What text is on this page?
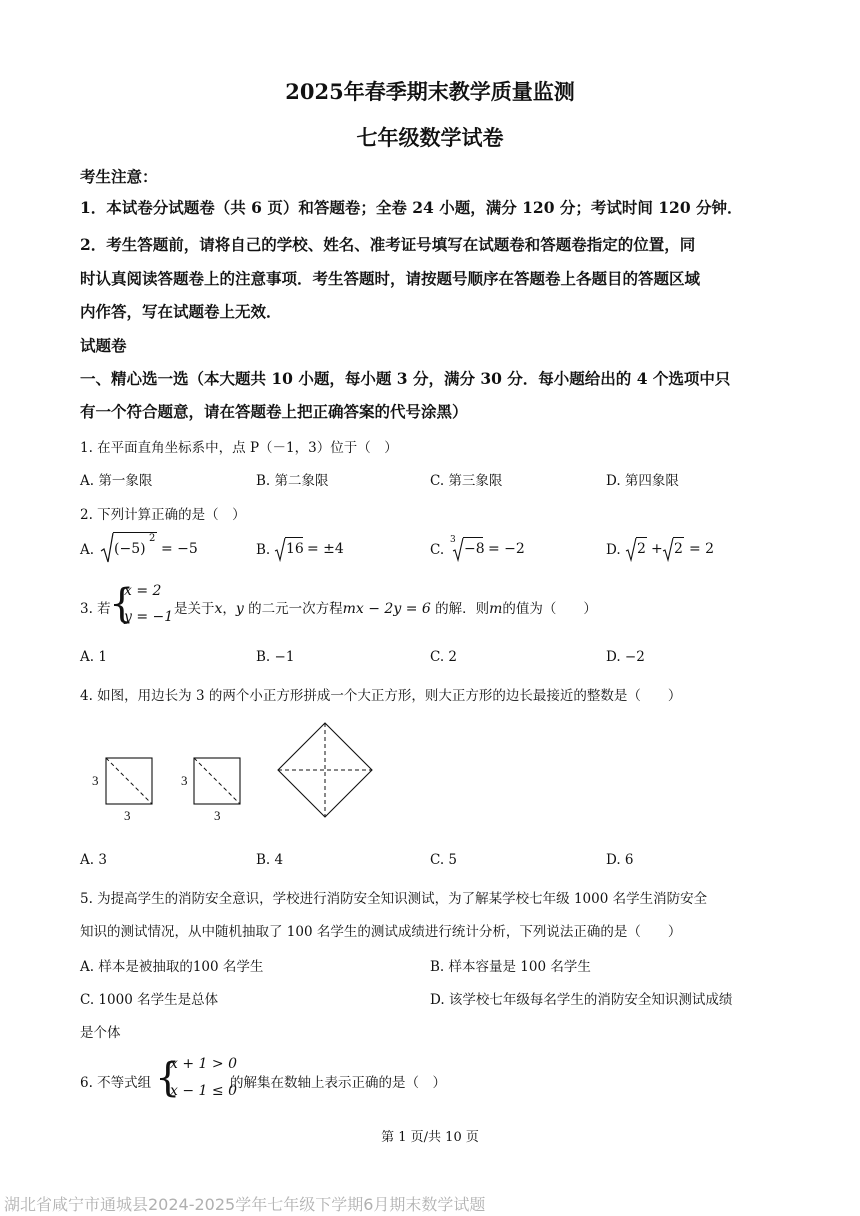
2025年春季期末教学质量监测
七年级数学试卷
考生注意：
1．本试卷分试题卷（共 6 页）和答题卷；全卷 24 小题，满分 120 分；考试时间 120 分钟．
2．考生答题前，请将自己的学校、姓名、准考证号填写在试题卷和答题卷指定的位置，同
时认真阅读答题卷上的注意事项．考生答题时，请按题号顺序在答题卷上各题目的答题区域
内作答，写在试题卷上无效．
试题卷
一、精心选一选（本大题共 10 小题，每小题 3 分，满分 30 分．每小题给出的 4 个选项中只
有一个符合题意，请在答题卷上把正确答案的代号涂黑）
1. 在平面直角坐标系中，点 P（－1，3）位于（　）
A. 第一象限	B. 第二象限	C. 第三象限	D. 第四象限
2. 下列计算正确的是（　）
A. (−5)
2
= −5	B. 16 = ±4	C.
3
−8 = −2	D. 2 + 2 = 2
3. 若
{
x = 2
y = −1 是关于x，y 的二元一次方程mx − 2y = 6 的解．则m的值为（　　）
A. 1	B. −1	C. 2	D. −2
4. 如图，用边长为 3 的两个小正方形拼成一个大正方形，则大正方形的边长最接近的整数是（　　）
3
3
3
3
A. 3	B. 4	C. 5	D. 6
5. 为提高学生的消防安全意识，学校进行消防安全知识测试，为了解某学校七年级 1000 名学生消防安全
知识的测试情况，从中随机抽取了 100 名学生的测试成绩进行统计分析，下列说法正确的是（　　）
A. 样本是被抽取的100 名学生	B. 样本容量是 100 名学生
C. 1000 名学生是总体	D. 该学校七年级每名学生的消防安全知识测试成绩
是个体
6. 不等式组 {
x + 1 > 0
x − 1 ≤ 0
的解集在数轴上表示正确的是（　）
第 1 页/共 10 页
湖北省咸宁市通城县2024-2025学年七年级下学期6月期末数学试题
